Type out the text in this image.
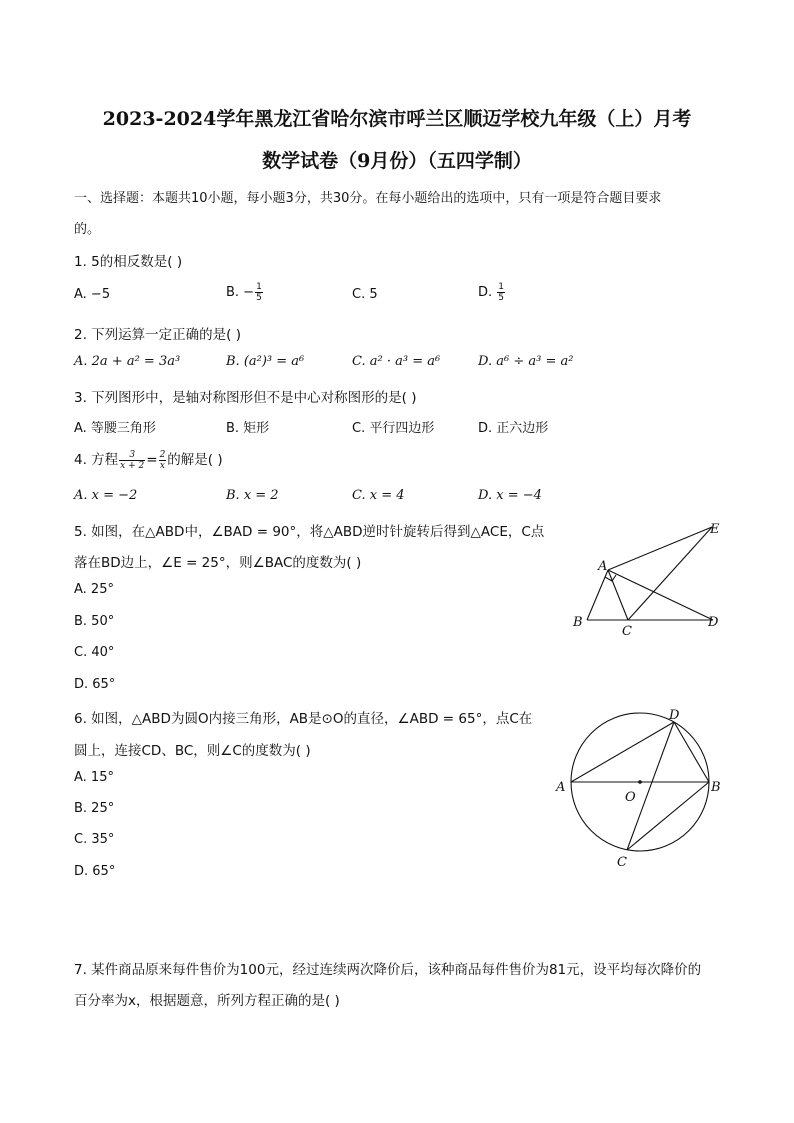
2023-2024学年黑龙江省哈尔滨市呼兰区顺迈学校九年级（上）月考
数学试卷（9月份）（五四学制）
一、选择题：本题共10小题，每小题3分，共30分。在每小题给出的选项中，只有一项是符合题目要求
的。
1. 5的相反数是( )
A. −5	B. − $\frac{1}{5}$	C. 5	D. $\frac{1}{5}$
2. 下列运算一定正确的是( )
A. 2a + a² = 3a³	B. (a²)³ = a⁶	C. a² · a³ = a⁶	D. a⁶ ÷ a³ = a²
3. 下列图形中，是轴对称图形但不是中心对称图形的是( )
A. 等腰三角形	B. 矩形	C. 平行四边形	D. 正六边形
4. 方程 $\frac{3}{x + 2} = \frac{2}{x}$ 的解是( )
A. x = −2	B. x = 2	C. x = 4	D. x = −4
5. 如图，在△ABD中，∠BAD = 90°，将△ABD逆时针旋转后得到△ACE，C点
落在BD边上，∠E = 25°，则∠BAC的度数为( )
A. 25°
B. 50°
C. 40°
D. 65°
A
B
C
D
E
6. 如图，△ABD为圆O内接三角形，AB是⊙O的直径，∠ABD = 65°，点C在
圆上，连接CD、BC，则∠C的度数为( )
A. 15°
B. 25°
C. 35°
D. 65°
A	B
C
D
O
7. 某件商品原来每件售价为100元，经过连续两次降价后，该种商品每件售价为81元，设平均每次降价的
百分率为x，根据题意，所列方程正确的是( )
